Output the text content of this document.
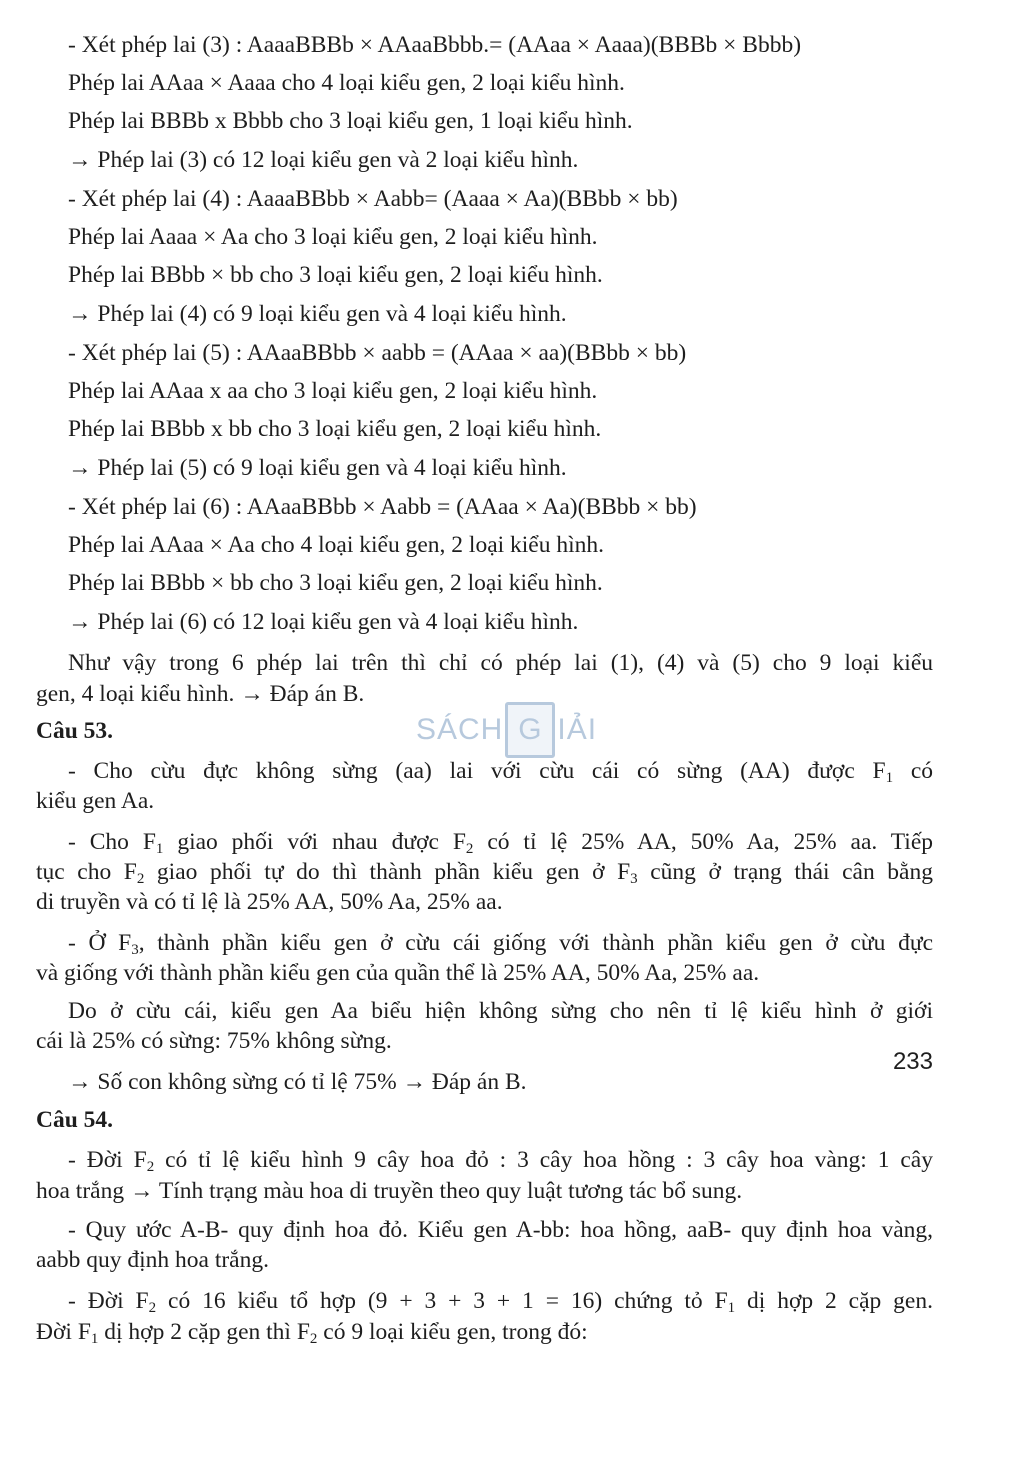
- Xét phép lai (3) : AaaaBBBb × AAaaBbbb.= (AAaa × Aaaa)(BBBb × Bbbb)
Phép lai AAaa × Aaaa cho 4 loại kiểu gen, 2 loại kiểu hình.
Phép lai BBBb x Bbbb cho 3 loại kiểu gen, 1 loại kiểu hình.
→ Phép lai (3) có 12 loại kiểu gen và 2 loại kiểu hình.
- Xét phép lai (4) : AaaaBBbb × Aabb= (Aaaa × Aa)(BBbb × bb)
Phép lai Aaaa × Aa cho 3 loại kiểu gen, 2 loại kiểu hình.
Phép lai BBbb × bb cho 3 loại kiểu gen, 2 loại kiểu hình.
→ Phép lai (4) có 9 loại kiểu gen và 4 loại kiểu hình.
- Xét phép lai (5) : AAaaBBbb × aabb = (AAaa × aa)(BBbb × bb)
Phép lai AAaa x aa cho 3 loại kiểu gen, 2 loại kiểu hình.
Phép lai BBbb x bb cho 3 loại kiểu gen, 2 loại kiểu hình.
→ Phép lai (5) có 9 loại kiểu gen và 4 loại kiểu hình.
- Xét phép lai (6) : AAaaBBbb × Aabb = (AAaa × Aa)(BBbb × bb)
Phép lai AAaa × Aa cho 4 loại kiểu gen, 2 loại kiểu hình.
Phép lai BBbb × bb cho 3 loại kiểu gen, 2 loại kiểu hình.
→ Phép lai (6) có 12 loại kiểu gen và 4 loại kiểu hình.
Như vậy trong 6 phép lai trên thì chỉ có phép lai (1), (4) và (5) cho 9 loại kiểu
gen, 4 loại kiểu hình. → Đáp án B.
Câu 53.
- Cho cừu đực không sừng (aa) lai với cừu cái có sừng (AA) được $F_1$ có
kiểu gen Aa.
- Cho $F_1$ giao phối với nhau được $F_2$ có tỉ lệ 25% AA, 50% Aa, 25% aa. Tiếp
tục cho $F_2$ giao phối tự do thì thành phần kiểu gen ở $F_3$ cũng ở trạng thái cân bằng
di truyền và có tỉ lệ là 25% AA, 50% Aa, 25% aa.
- Ở $F_3$, thành phần kiểu gen ở cừu cái giống với thành phần kiểu gen ở cừu đực
và giống với thành phần kiểu gen của quần thể là 25% AA, 50% Aa, 25% aa.
Do ở cừu cái, kiểu gen Aa biểu hiện không sừng cho nên tỉ lệ kiểu hình ở giới
cái là 25% có sừng: 75% không sừng.
→ Số con không sừng có tỉ lệ 75% → Đáp án B.
Câu 54.
- Đời $F_2$ có tỉ lệ kiểu hình 9 cây hoa đỏ : 3 cây hoa hồng : 3 cây hoa vàng: 1 cây
hoa trắng → Tính trạng màu hoa di truyền theo quy luật tương tác bổ sung.
- Quy ước A-B- quy định hoa đỏ. Kiểu gen A-bb: hoa hồng, aaB- quy định hoa vàng,
aabb quy định hoa trắng.
- Đời $F_2$ có 16 kiểu tổ hợp (9 + 3 + 3 + 1 = 16) chứng tỏ $F_1$ dị hợp 2 cặp gen.
Đời $F_1$ dị hợp 2 cặp gen thì $F_2$ có 9 loại kiểu gen, trong đó:
SÁCH G IẢI
233
